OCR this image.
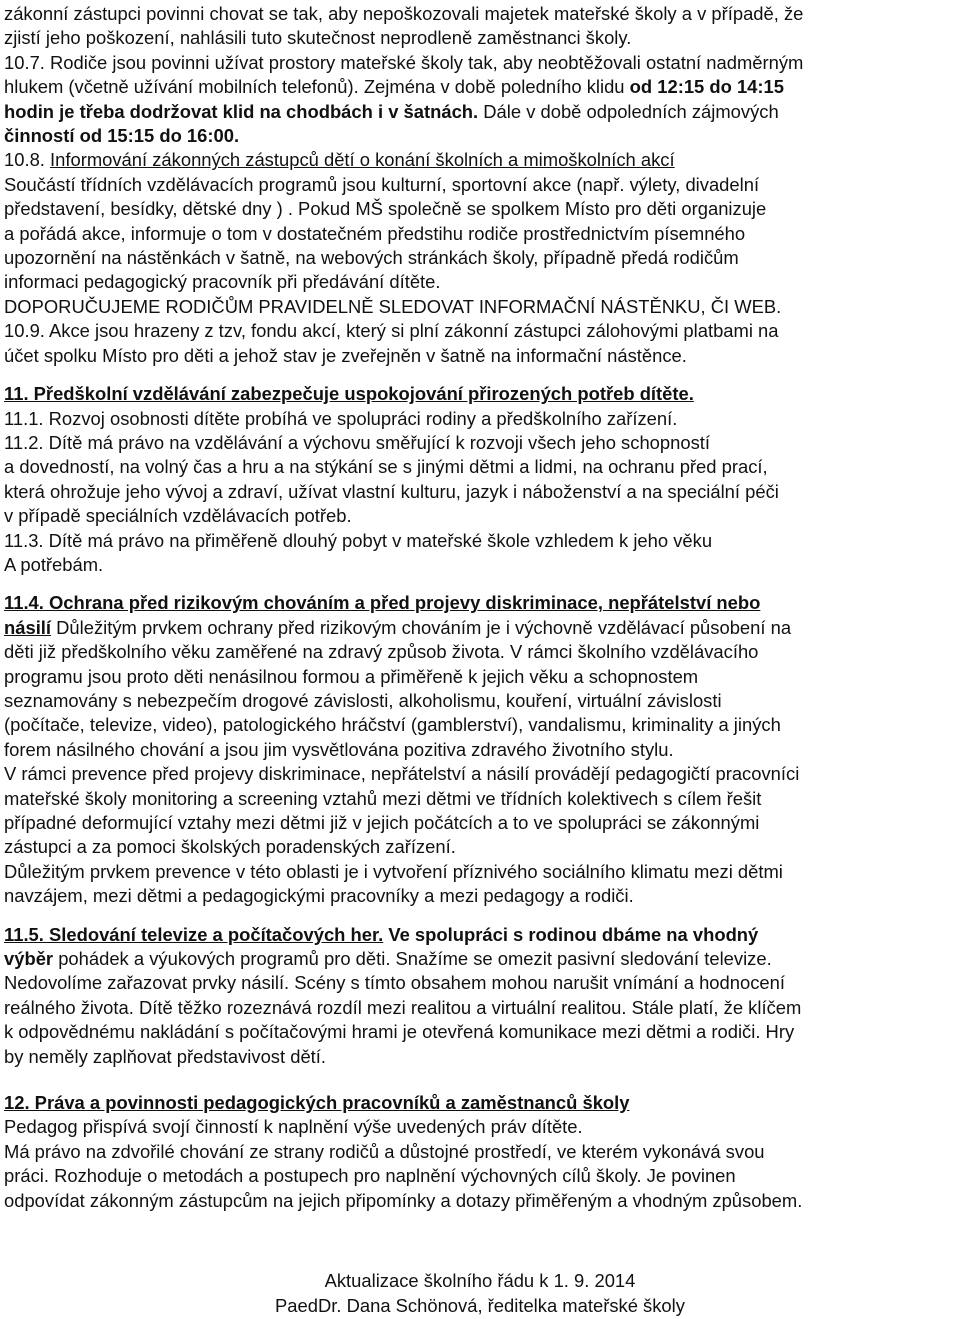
zákonní zástupci povinni chovat se tak, aby nepoškozovali majetek mateřské školy a v případě, že

zjistí jeho poškození, nahlásili tuto skutečnost neprodleně zaměstnanci školy.

10.7. Rodiče jsou povinni užívat prostory mateřské školy tak, aby neobtěžovali ostatní nadměrným

hlukem (včetně užívání mobilních telefonů). Zejména v době poledního klidu od 12:15 do 14:15

hodin je třeba dodržovat klid na chodbách i v šatnách. Dále v době odpoledních zájmových

činností od 15:15 do 16:00.

10.8. Informování zákonných zástupců dětí o konání školních a mimoškolních akcí

Součástí třídních vzdělávacích programů jsou kulturní, sportovní akce (např. výlety, divadelní

představení, besídky, dětské dny ) . Pokud MŠ společně se spolkem Místo pro děti organizuje

a pořádá akce, informuje o tom v dostatečném předstihu rodiče prostřednictvím písemného

upozornění na nástěnkách v šatně, na webových stránkách školy, případně předá rodičům

informaci pedagogický pracovník při předávání dítěte.

DOPORUČUJEME RODIČŮM PRAVIDELNĚ SLEDOVAT INFORMAČNÍ NÁSTĚNKU, ČI WEB.

10.9. Akce jsou hrazeny z tzv, fondu akcí, který si plní zákonní zástupci zálohovými platbami na

účet spolku Místo pro děti a jehož stav je zveřejněn v šatně na informační nástěnce.

11. Předškolní vzdělávání zabezpečuje uspokojování přirozených potřeb dítěte.

11.1. Rozvoj osobnosti dítěte probíhá ve spolupráci rodiny a předškolního zařízení.

11.2. Dítě má právo na vzdělávání a výchovu směřující k rozvoji všech jeho schopností

a dovedností, na volný čas a hru a na stýkání se s jinými dětmi a lidmi, na ochranu před prací,

která ohrožuje jeho vývoj a zdraví, užívat vlastní kulturu, jazyk i náboženství a na speciální péči

v případě speciálních vzdělávacích potřeb.

11.3. Dítě má právo na přiměřeně dlouhý pobyt v mateřské škole vzhledem k jeho věku

A potřebám.

11.4. Ochrana před rizikovým chováním a před projevy diskriminace, nepřátelství nebo

násilí Důležitým prvkem ochrany před rizikovým chováním je i výchovně vzdělávací působení na

děti již předškolního věku zaměřené na zdravý způsob života. V rámci školního vzdělávacího

programu jsou proto děti nenásilnou formou a přiměřeně k jejich věku a schopnostem

seznamovány s nebezpečím drogové závislosti, alkoholismu, kouření, virtuální závislosti

(počítače, televize, video), patologického hráčství (gamblerství), vandalismu, kriminality a jiných

forem násilného chování a jsou jim vysvětlována pozitiva zdravého životního stylu.

V rámci prevence před projevy diskriminace, nepřátelství a násilí provádějí pedagogičtí pracovníci

mateřské školy monitoring a screening vztahů mezi dětmi ve třídních kolektivech s cílem řešit

případné deformující vztahy mezi dětmi již v jejich počátcích a to ve spolupráci se zákonnými

zástupci a za pomoci školských poradenských zařízení.

Důležitým prvkem prevence v této oblasti je i vytvoření příznivého sociálního klimatu mezi dětmi

navzájem, mezi dětmi a pedagogickými pracovníky a mezi pedagogy a rodiči.

11.5. Sledování televize a počítačových her. Ve spolupráci s rodinou dbáme na vhodný

výběr pohádek a výukových programů pro děti. Snažíme se omezit pasivní sledování televize.

Nedovolíme zařazovat prvky násilí. Scény s tímto obsahem mohou narušit vnímání a hodnocení

reálného života. Dítě těžko rozeznává rozdíl mezi realitou a virtuální realitou. Stále platí, že klíčem

k odpovědnému nakládání s počítačovými hrami je otevřená komunikace mezi dětmi a rodiči. Hry

by neměly zaplňovat představivost dětí.

12. Práva a povinnosti pedagogických pracovníků a zaměstnanců školy

Pedagog přispívá svojí činností k naplnění výše uvedených práv dítěte.

Má právo na zdvořilé chování ze strany rodičů a důstojné prostředí, ve kterém vykonává svou

práci. Rozhoduje o metodách a postupech pro naplnění výchovných cílů školy. Je povinen

odpovídat zákonným zástupcům na jejich připomínky a dotazy přiměřeným a vhodným způsobem.

Aktualizace školního řádu k 1. 9. 2014
PaedDr. Dana Schönová, ředitelka mateřské školy
